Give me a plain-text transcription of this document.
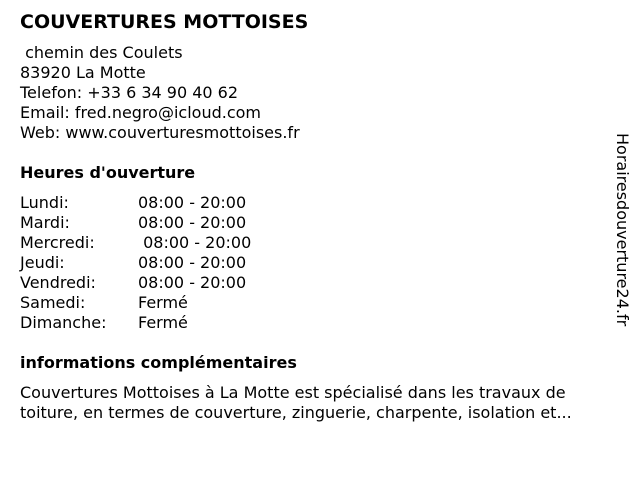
COUVERTURES MOTTOISES
chemin des Coulets
83920 La Motte
Telefon: +33 6 34 90 40 62
Email: fred.negro@icloud.com
Web: www.couverturesmottoises.fr
Heures d'ouverture
Lundi:	08:00 - 20:00
Mardi:	08:00 - 20:00
Mercredi:	08:00 - 20:00
Jeudi:	08:00 - 20:00
Vendredi:	08:00 - 20:00
Samedi:	Fermé
Dimanche:	Fermé
informations complémentaires
Couvertures Mottoises à La Motte est spécialisé dans les travaux de toiture, en termes de couverture, zinguerie, charpente, isolation et...
Horairesdouverture24.fr
